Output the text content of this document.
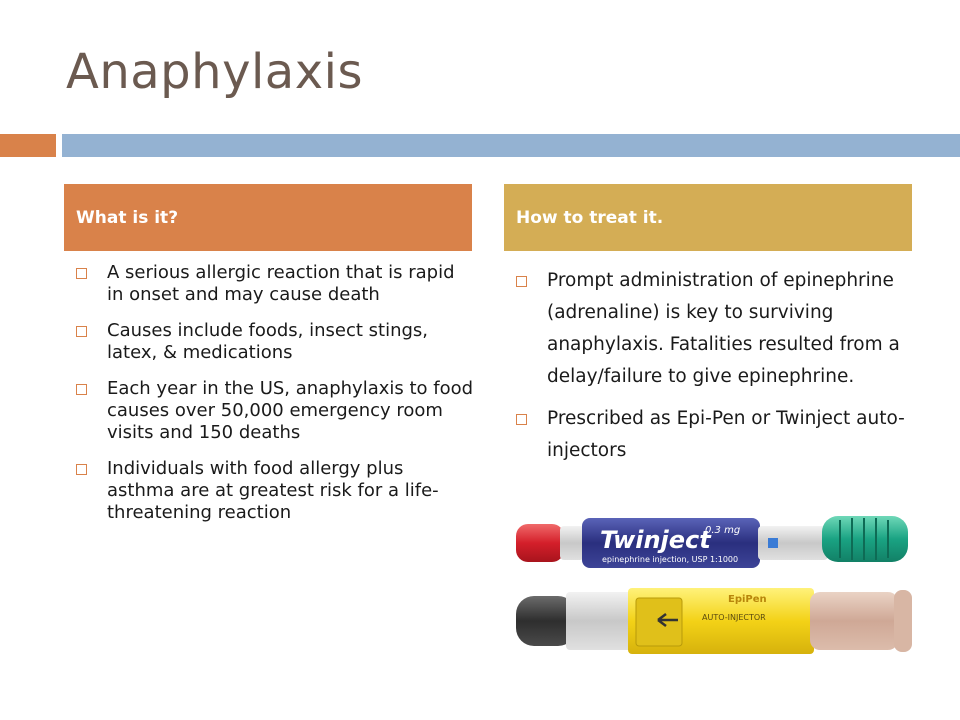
Anaphylaxis
What is it?	How to treat it.
A serious allergic reaction that is rapid in onset and may cause death
Causes include foods, insect stings, latex, & medications
Each year in the US, anaphylaxis to food causes over 50,000 emergency room visits and 150 deaths
Individuals with food allergy plus asthma are at greatest risk for a life-threatening reaction
Prompt administration of epinephrine (adrenaline) is key to surviving anaphylaxis. Fatalities resulted from a delay/failure to give epinephrine.
Prescribed as Epi-Pen or Twinject auto-injectors
Twinject
0.3 mg
epinephrine injection, USP 1:1000
EpiPen
AUTO-INJECTOR
